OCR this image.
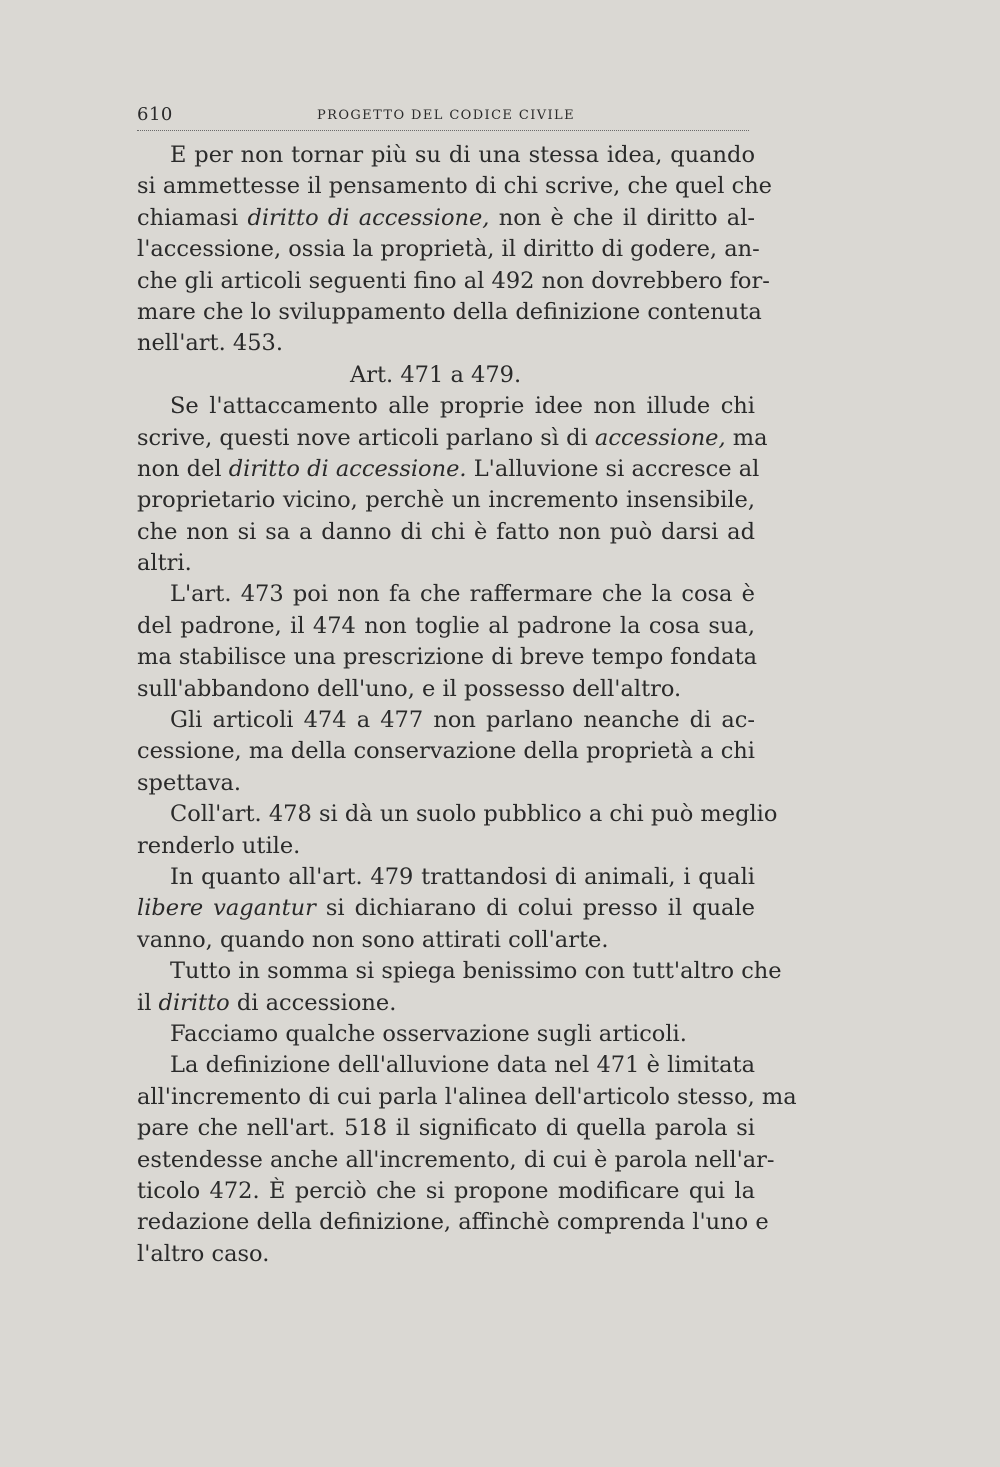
610	PROGETTO DEL CODICE CIVILE
E per non tornar più su di una stessa idea, quando
si ammettesse il pensamento di chi scrive, che quel che
chiamasi diritto di accessione, non è che il diritto al-
l'accessione, ossia la proprietà, il diritto di godere, an-
che gli articoli seguenti fino al 492 non dovrebbero for-
mare che lo sviluppamento della definizione contenuta
nell'art. 453.
Art. 471 a 479.
Se l'attaccamento alle proprie idee non illude chi
scrive, questi nove articoli parlano sì di accessione, ma
non del diritto di accessione. L'alluvione si accresce al
proprietario vicino, perchè un incremento insensibile,
che non si sa a danno di chi è fatto non può darsi ad
altri.
L'art. 473 poi non fa che raffermare che la cosa è
del padrone, il 474 non toglie al padrone la cosa sua,
ma stabilisce una prescrizione di breve tempo fondata
sull'abbandono dell'uno, e il possesso dell'altro.
Gli articoli 474 a 477 non parlano neanche di ac-
cessione, ma della conservazione della proprietà a chi
spettava.
Coll'art. 478 si dà un suolo pubblico a chi può meglio
renderlo utile.
In quanto all'art. 479 trattandosi di animali, i quali
libere vagantur si dichiarano di colui presso il quale
vanno, quando non sono attirati coll'arte.
Tutto in somma si spiega benissimo con tutt'altro che
il diritto di accessione.
Facciamo qualche osservazione sugli articoli.
La definizione dell'alluvione data nel 471 è limitata
all'incremento di cui parla l'alinea dell'articolo stesso, ma
pare che nell'art. 518 il significato di quella parola si
estendesse anche all'incremento, di cui è parola nell'ar-
ticolo 472. È perciò che si propone modificare qui la
redazione della definizione, affinchè comprenda l'uno e
l'altro caso.
